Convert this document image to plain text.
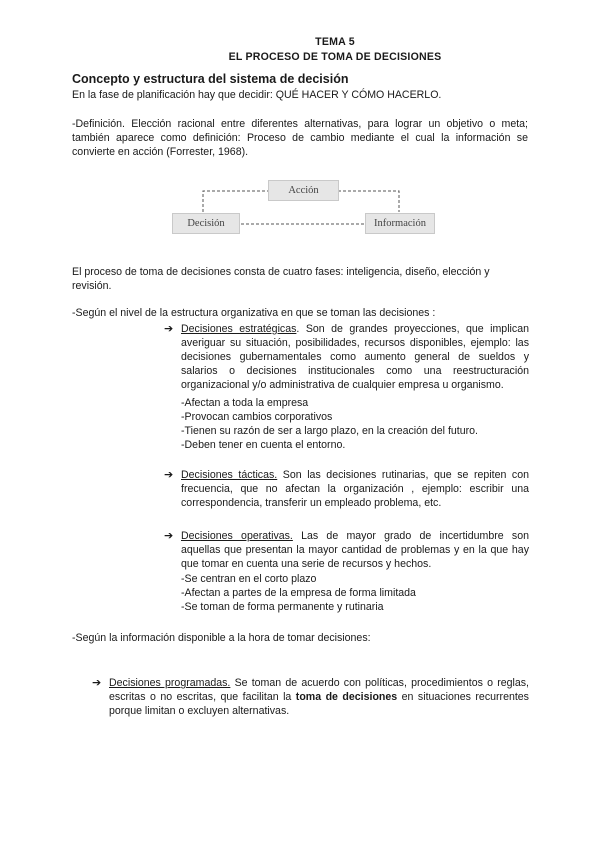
TEMA 5
EL PROCESO DE TOMA DE DECISIONES
Concepto y estructura del sistema de decisión
En la fase de planificación hay que decidir: QUÉ HACER Y CÓMO HACERLO.
-Definición. Elección racional entre diferentes alternativas, para lograr un objetivo o meta; también aparece como definición: Proceso de cambio mediante el cual la información se convierte en acción (Forrester, 1968).
Acción
Decisión	Información
El proceso de toma de decisiones consta de cuatro fases: inteligencia, diseño, elección y revisión.
-Según el nivel de la estructura organizativa en que se toman las decisiones :
➔ Decisiones estratégicas. Son de grandes proyecciones, que implican averiguar su situación, posibilidades, recursos disponibles, ejemplo: las decisiones gubernamentales como aumento general de sueldos y salarios o decisiones institucionales como una reestructuración organizacional y/o administrativa de cualquier empresa u organismo.
-Afectan a toda la empresa
-Provocan cambios corporativos
-Tienen su razón de ser a largo plazo, en la creación del futuro.
-Deben tener en cuenta el entorno.
➔ Decisiones tácticas. Son las decisiones rutinarias, que se repiten con frecuencia, que no afectan la organización , ejemplo: escribir una correspondencia, transferir un empleado problema, etc.
➔ Decisiones operativas. Las de mayor grado de incertidumbre son aquellas que presentan la mayor cantidad de problemas y en la que hay que tomar en cuenta una serie de recursos y hechos.
-Se centran en el corto plazo
-Afectan a partes de la empresa de forma limitada
-Se toman de forma permanente y rutinaria
-Según la información disponible a la hora de tomar decisiones:
➔ Decisiones programadas. Se toman de acuerdo con políticas, procedimientos o reglas, escritas o no escritas, que facilitan la toma de decisiones en situaciones recurrentes porque limitan o excluyen alternativas.
